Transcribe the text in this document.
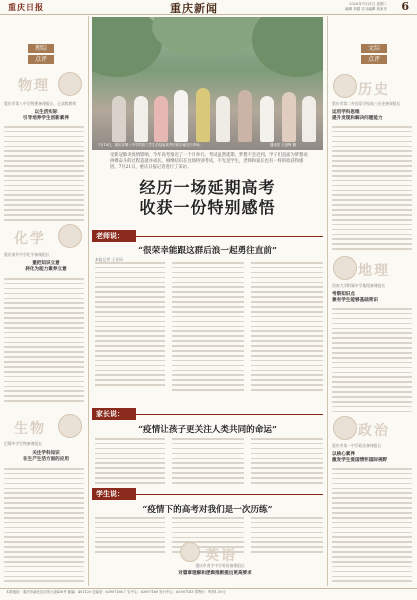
重庆日报	重庆新闻	2020年7月21日 星期二
编辑 刘超 实习编辑 高家乐 6
理综
点评
物理
重庆市第八中学物理备课组长、正高级教师
以生活实际
引导培养学生创新素养
化学
重庆南开中学化学备课组长
重把知识立意
转化为能力素养立意
生物
巴蜀中学生物备课组长
关注学科知识
在生产生活方面的应用
文综
点评
历史
重庆市第二外国语学校高三历史备课组长
运用学科思维
提升发现和解决问题能力
地理
西南大学附属中学地理备课组长
考察知识点
兼有学生能够基础常识
政治
重庆市第一中学政治备课组长
以核心素养
激发学生爱国情怀国际视野
7月18日，重庆市第八中学的高三学生们结束高考后欢乐地走出考场。	通讯员 王剑锋 摄
受新冠肺炎疫情影响，今年高考推迟了一个月举行。考试虽然延期，梦想不会迟到。学子们直面为梦想而拼搏奋斗的过程造就并成长。相继结识在这场特别考试，不光是学生，老师和家长也有一样的收获和感悟。7月21日，重庆日报记者进行了采访。
经历一场延期高考
收获一份特别感悟
老师说：
“很荣幸能跟这群后浪一起勇往直前”
本报记者 王亚同
家长说：
“疫情让孩子更关注人类共同的命运”
学生说：
“疫情下的高考对我们是一次历练”
英语
重庆市育才中学英语备课组长
对篇章理解和逻辑推断提出更高要求
本报地址：重庆市渝北区同茂大道416号 邮编：401120 总编室：63907166 广告中心：63907160 发行中心：63907183 零售价：每份1.50元
